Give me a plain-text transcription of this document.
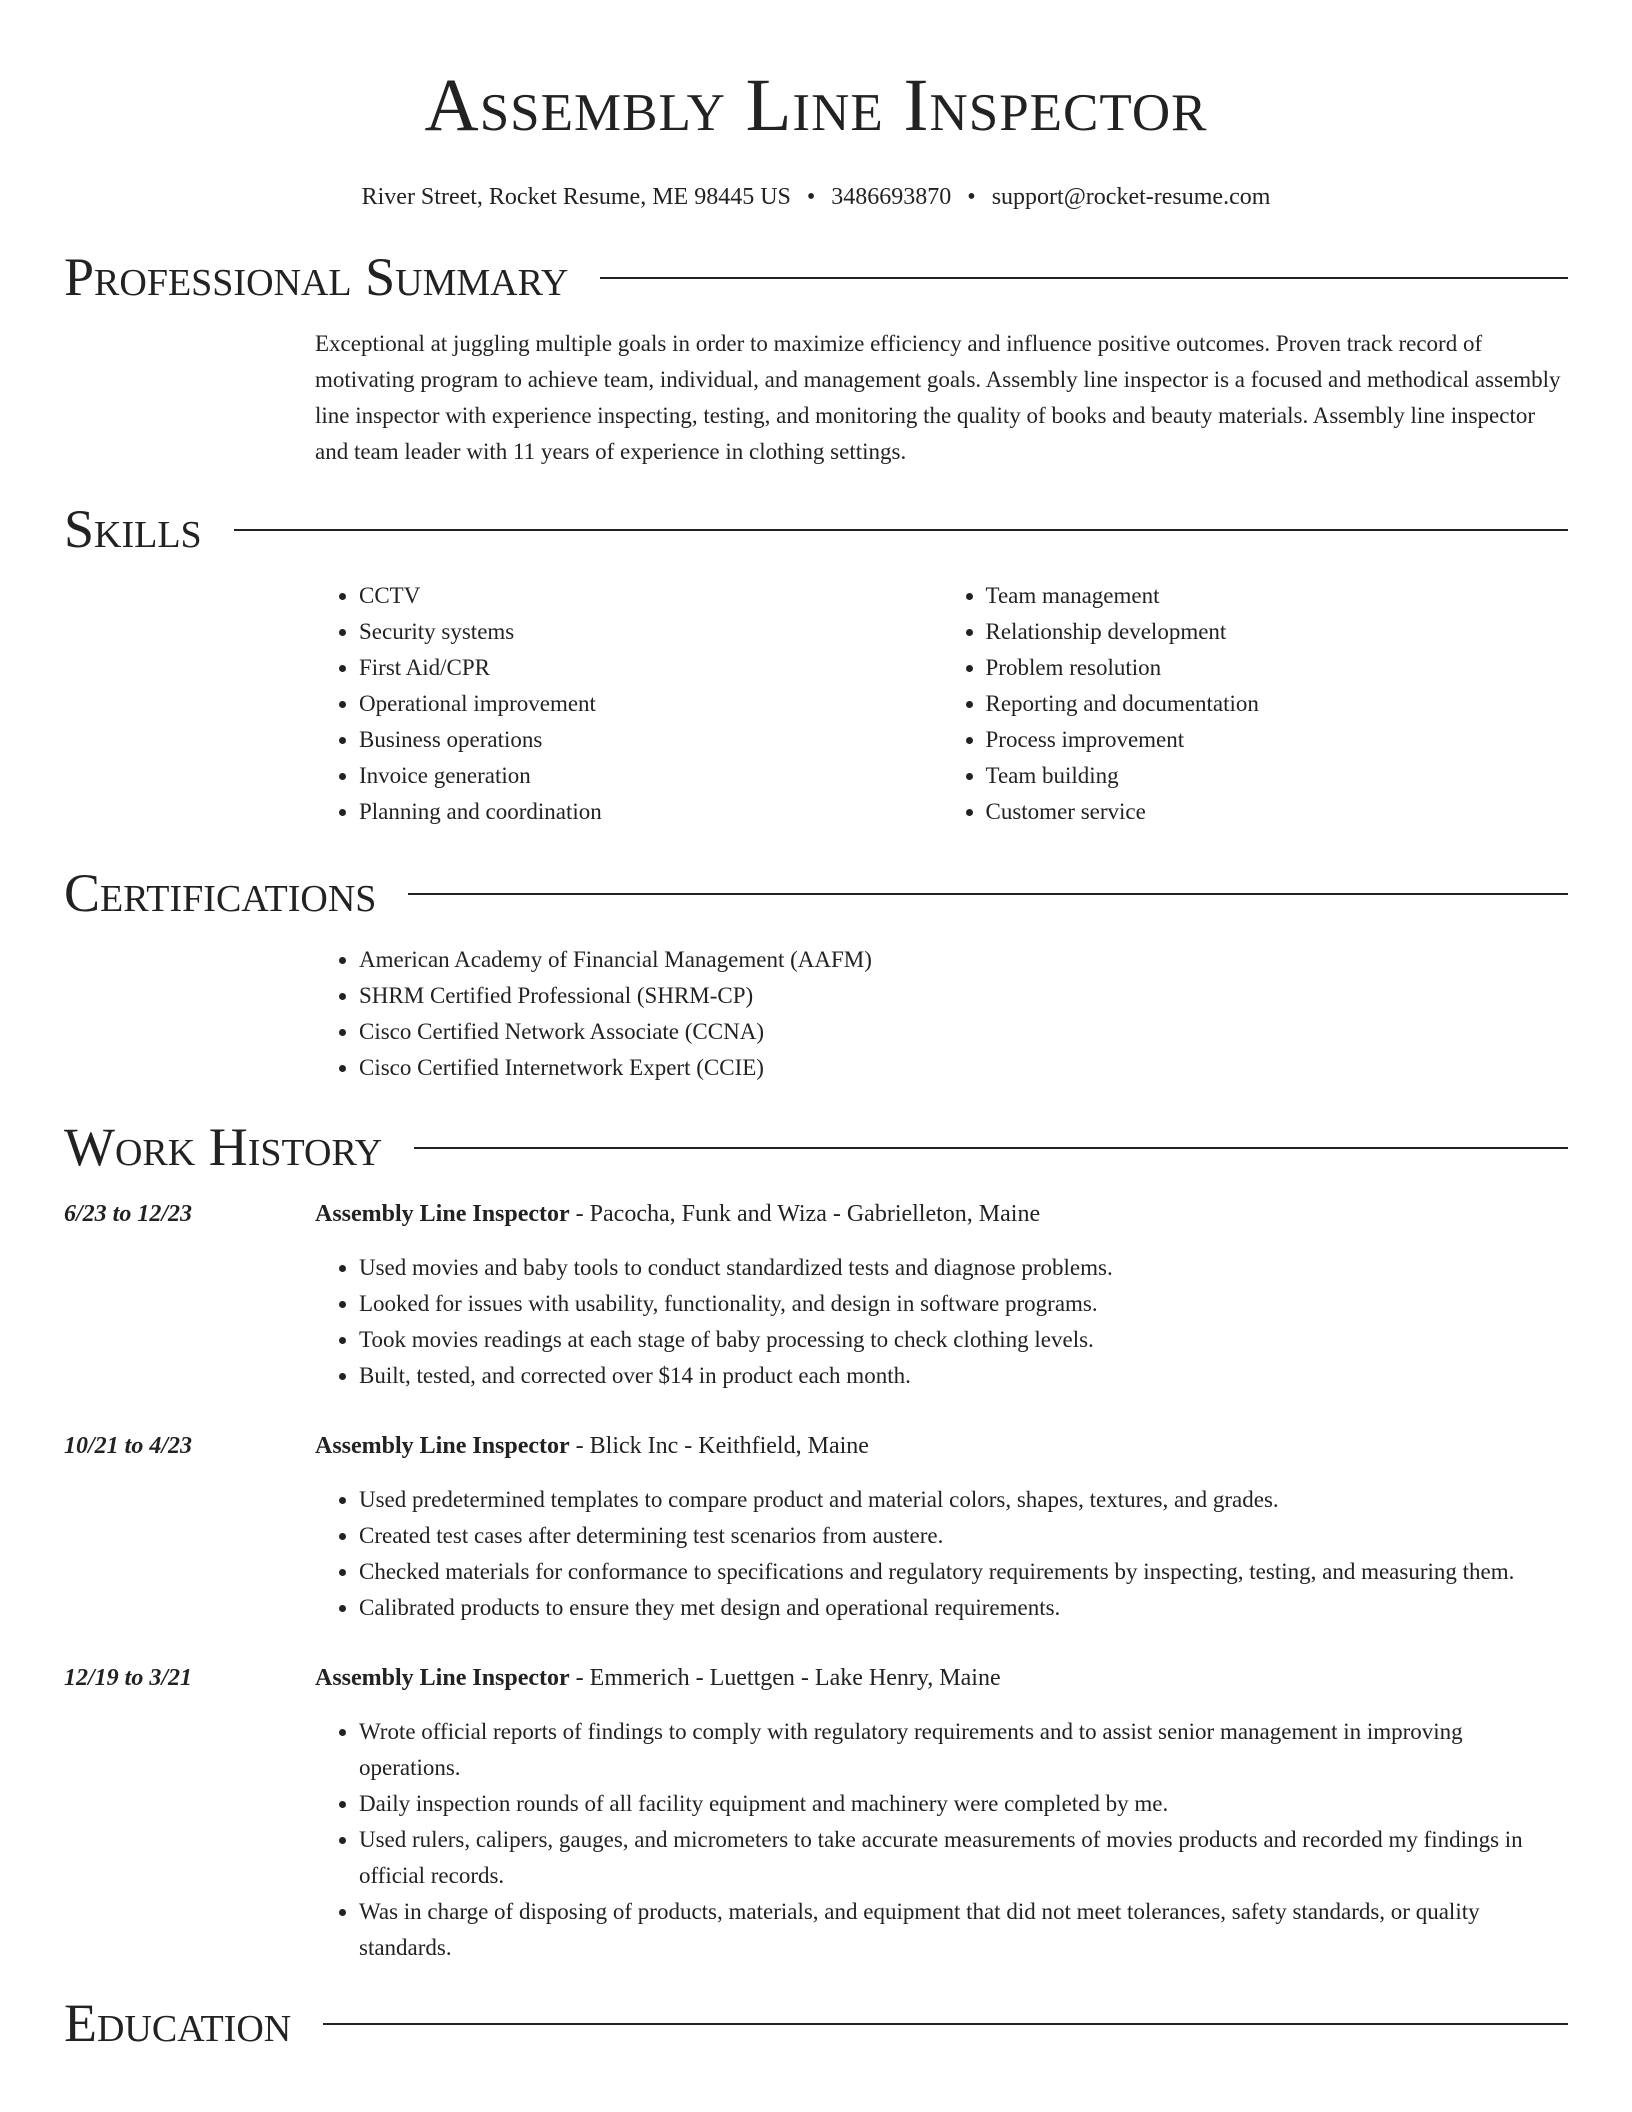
Assembly Line Inspector
River Street, Rocket Resume, ME 98445 US • 3486693870 • support@rocket-resume.com
Professional Summary

Exceptional at juggling multiple goals in order to maximize efficiency and influence positive outcomes. Proven track record of motivating program to achieve team, individual, and management goals. Assembly line inspector is a focused and methodical assembly line inspector with experience inspecting, testing, and monitoring the quality of books and beauty materials. Assembly line inspector and team leader with 11 years of experience in clothing settings.

Skills
• CCTV
• Security systems
• First Aid/CPR
• Operational improvement
• Business operations
• Invoice generation
• Planning and coordination
• Team management
• Relationship development
• Problem resolution
• Reporting and documentation
• Process improvement
• Team building
• Customer service
Certifications
• American Academy of Financial Management (AAFM)
• SHRM Certified Professional (SHRM-CP)
• Cisco Certified Network Associate (CCNA)
• Cisco Certified Internetwork Expert (CCIE)
Work History
6/23 to 12/23	Assembly Line Inspector - Pacocha, Funk and Wiza - Gabrielleton, Maine
• Used movies and baby tools to conduct standardized tests and diagnose problems.
• Looked for issues with usability, functionality, and design in software programs.
• Took movies readings at each stage of baby processing to check clothing levels.
• Built, tested, and corrected over $14 in product each month.
10/21 to 4/23	Assembly Line Inspector - Blick Inc - Keithfield, Maine
• Used predetermined templates to compare product and material colors, shapes, textures, and grades.
• Created test cases after determining test scenarios from austere.
• Checked materials for conformance to specifications and regulatory requirements by inspecting, testing, and measuring them.
• Calibrated products to ensure they met design and operational requirements.
12/19 to 3/21	Assembly Line Inspector - Emmerich - Luettgen - Lake Henry, Maine
• Wrote official reports of findings to comply with regulatory requirements and to assist senior management in improving operations.
• Daily inspection rounds of all facility equipment and machinery were completed by me.
• Used rulers, calipers, gauges, and micrometers to take accurate measurements of movies products and recorded my findings in official records.
• Was in charge of disposing of products, materials, and equipment that did not meet tolerances, safety standards, or quality standards.
Education
